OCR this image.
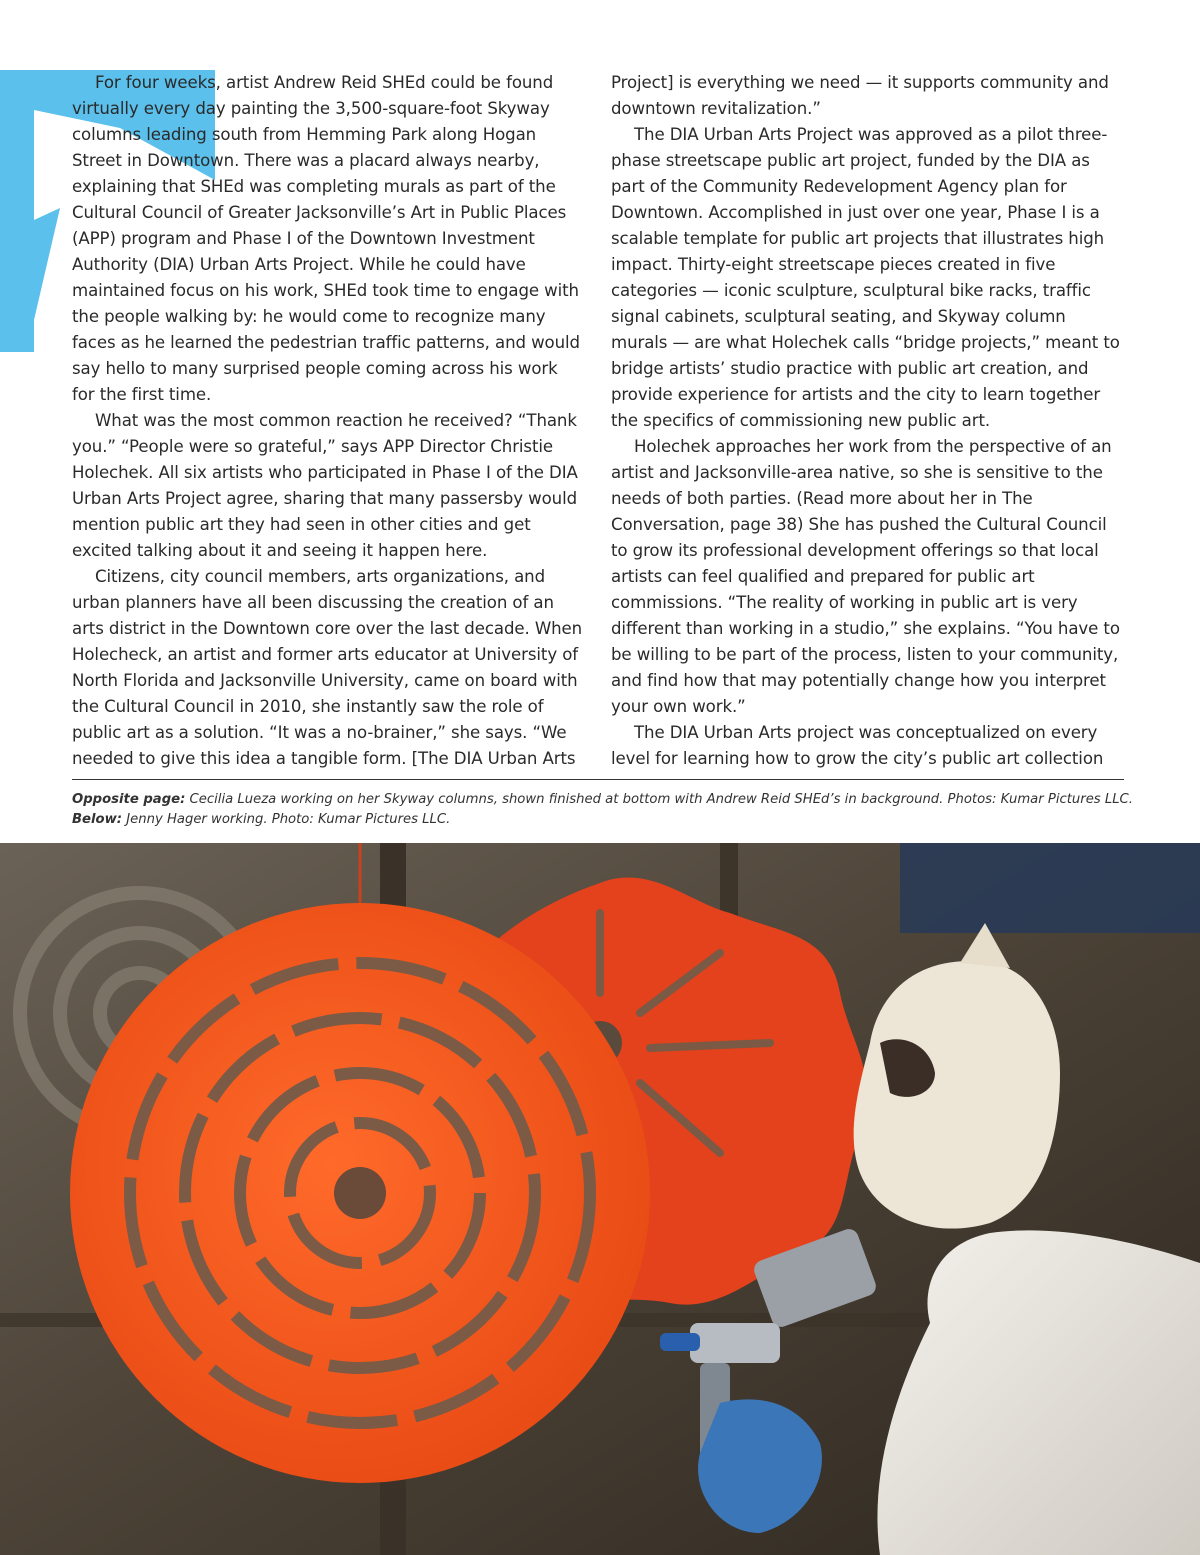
For four weeks, artist Andrew Reid SHEd could be found virtually every day painting the 3,500-square-foot Skyway columns leading south from Hemming Park along Hogan Street in Downtown. There was a placard always nearby, explaining that SHEd was completing murals as part of the Cultural Council of Greater Jacksonville’s Art in Public Places (APP) program and Phase I of the Downtown Investment Authority (DIA) Urban Arts Project. While he could have maintained focus on his work, SHEd took time to engage with the people walking by: he would come to recognize many faces as he learned the pedestrian traffic patterns, and would say hello to many surprised people coming across his work for the first time.

What was the most common reaction he received? “Thank you.” “People were so grateful,” says APP Director Christie Holechek. All six artists who participated in Phase I of the DIA Urban Arts Project agree, sharing that many passersby would mention public art they had seen in other cities and get excited talking about it and seeing it happen here.

Citizens, city council members, arts organizations, and urban planners have all been discussing the creation of an arts district in the Downtown core over the last decade. When Holecheck, an artist and former arts educator at University of North Florida and Jacksonville University, came on board with the Cultural Council in 2010, she instantly saw the role of public art as a solution. “It was a no-brainer,” she says. “We needed to give this idea a tangible form. [The DIA Urban Arts

Project] is everything we need — it supports community and downtown revitalization.”

The DIA Urban Arts Project was approved as a pilot three-phase streetscape public art project, funded by the DIA as part of the Community Redevelopment Agency plan for Downtown. Accomplished in just over one year, Phase I is a scalable template for public art projects that illustrates high impact. Thirty-eight streetscape pieces created in five categories — iconic sculpture, sculptural bike racks, traffic signal cabinets, sculptural seating, and Skyway column murals — are what Holechek calls “bridge projects,” meant to bridge artists’ studio practice with public art creation, and provide experience for artists and the city to learn together the specifics of commissioning new public art.

Holechek approaches her work from the perspective of an artist and Jacksonville-area native, so she is sensitive to the needs of both parties. (Read more about her in The Conversation, page 38) She has pushed the Cultural Council to grow its professional development offerings so that local artists can feel qualified and prepared for public art commissions. “The reality of working in public art is very different than working in a studio,” she explains. “You have to be willing to be part of the process, listen to your community, and find how that may potentially change how you interpret your own work.”

The DIA Urban Arts project was conceptualized on every level for learning how to grow the city’s public art collection

Opposite page: Cecilia Lueza working on her Skyway columns, shown finished at bottom with Andrew Reid SHEd’s in background. Photos: Kumar Pictures LLC.
Below: Jenny Hager working. Photo: Kumar Pictures LLC.
